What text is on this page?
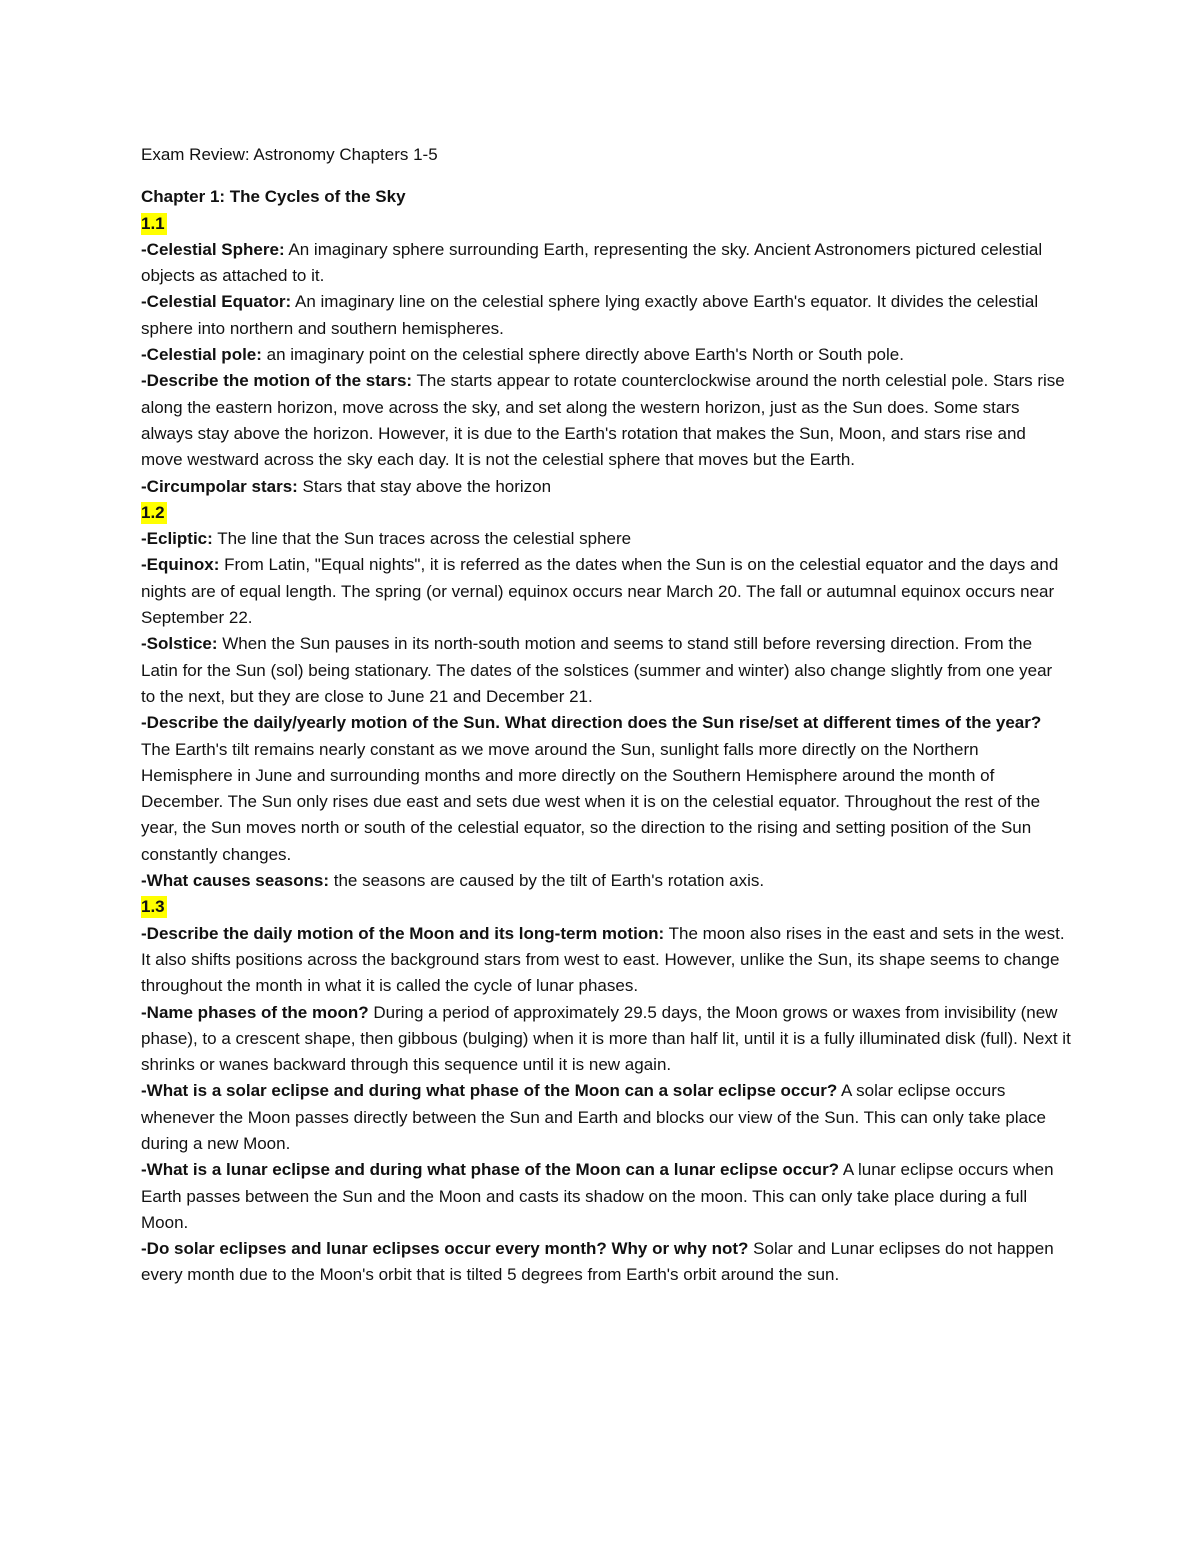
Exam Review: Astronomy Chapters 1-5

Chapter 1: The Cycles of the Sky

1.1

-Celestial Sphere: An imaginary sphere surrounding Earth, representing the sky. Ancient Astronomers pictured celestial objects as attached to it.

-Celestial Equator: An imaginary line on the celestial sphere lying exactly above Earth's equator. It divides the celestial sphere into northern and southern hemispheres.

-Celestial pole: an imaginary point on the celestial sphere directly above Earth's North or South pole.

-Describe the motion of the stars: The starts appear to rotate counterclockwise around the north celestial pole. Stars rise along the eastern horizon, move across the sky, and set along the western horizon, just as the Sun does. Some stars always stay above the horizon. However, it is due to the Earth's rotation that makes the Sun, Moon, and stars rise and move westward across the sky each day. It is not the celestial sphere that moves but the Earth.

-Circumpolar stars: Stars that stay above the horizon

1.2

-Ecliptic: The line that the Sun traces across the celestial sphere

-Equinox: From Latin, "Equal nights", it is referred as the dates when the Sun is on the celestial equator and the days and nights are of equal length. The spring (or vernal) equinox occurs near March 20. The fall or autumnal equinox occurs near September 22.

-Solstice: When the Sun pauses in its north-south motion and seems to stand still before reversing direction. From the Latin for the Sun (sol) being stationary. The dates of the solstices (summer and winter) also change slightly from one year to the next, but they are close to June 21 and December 21.

-Describe the daily/yearly motion of the Sun. What direction does the Sun rise/set at different times of the year? The Earth's tilt remains nearly constant as we move around the Sun, sunlight falls more directly on the Northern Hemisphere in June and surrounding months and more directly on the Southern Hemisphere around the month of December. The Sun only rises due east and sets due west when it is on the celestial equator. Throughout the rest of the year, the Sun moves north or south of the celestial equator, so the direction to the rising and setting position of the Sun constantly changes.

-What causes seasons: the seasons are caused by the tilt of Earth's rotation axis.

1.3

-Describe the daily motion of the Moon and its long-term motion: The moon also rises in the east and sets in the west. It also shifts positions across the background stars from west to east. However, unlike the Sun, its shape seems to change throughout the month in what it is called the cycle of lunar phases.

-Name phases of the moon? During a period of approximately 29.5 days, the Moon grows or waxes from invisibility (new phase), to a crescent shape, then gibbous (bulging) when it is more than half lit, until it is a fully illuminated disk (full). Next it shrinks or wanes backward through this sequence until it is new again.

-What is a solar eclipse and during what phase of the Moon can a solar eclipse occur? A solar eclipse occurs whenever the Moon passes directly between the Sun and Earth and blocks our view of the Sun. This can only take place during a new Moon.

-What is a lunar eclipse and during what phase of the Moon can a lunar eclipse occur? A lunar eclipse occurs when Earth passes between the Sun and the Moon and casts its shadow on the moon. This can only take place during a full Moon.

-Do solar eclipses and lunar eclipses occur every month? Why or why not? Solar and Lunar eclipses do not happen every month due to the Moon's orbit that is tilted 5 degrees from Earth's orbit around the sun.
